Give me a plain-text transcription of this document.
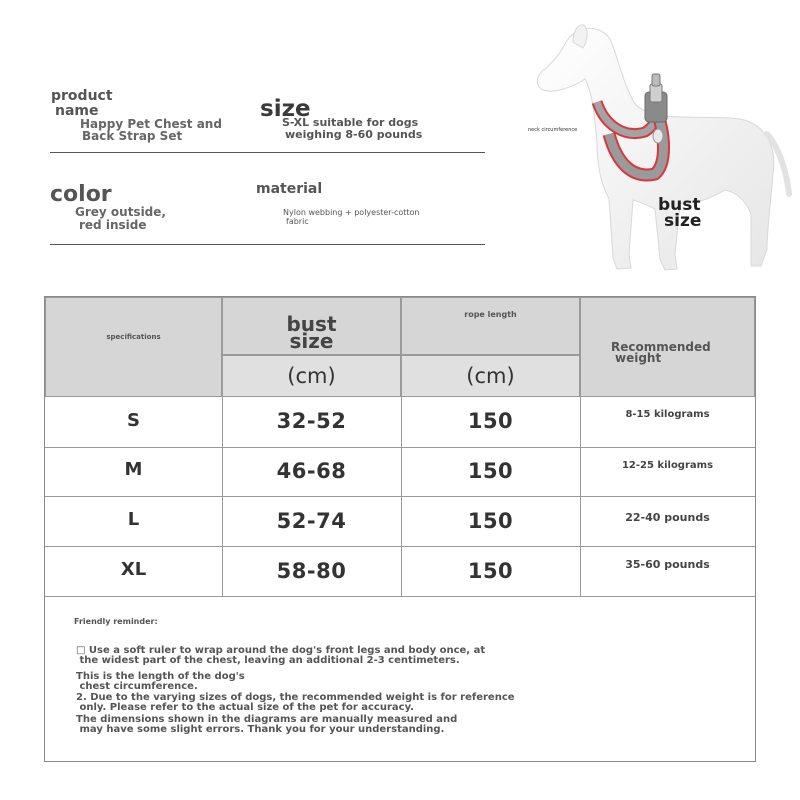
product
name
Happy Pet Chest and
Back Strap Set
size
S-XL suitable for dogs
weighing 8-60 pounds
color
Grey outside,
red inside
material
Nylon webbing + polyester-cotton
fabric
neck circumference
bust
size
specifications
bust
size
(cm)
rope length
(cm)
Recommended
weight
S	32-52	150	8-15 kilograms
M	46-68	150	12-25 kilograms
L	52-74	150	22-40 pounds
XL	58-80	150	35-60 pounds
Friendly reminder:
□ Use a soft ruler to wrap around the dog's front legs and body once, at
the widest part of the chest, leaving an additional 2-3 centimeters.
This is the length of the dog's
chest circumference.
2. Due to the varying sizes of dogs, the recommended weight is for reference
only. Please refer to the actual size of the pet for accuracy.
The dimensions shown in the diagrams are manually measured and
may have some slight errors. Thank you for your understanding.
